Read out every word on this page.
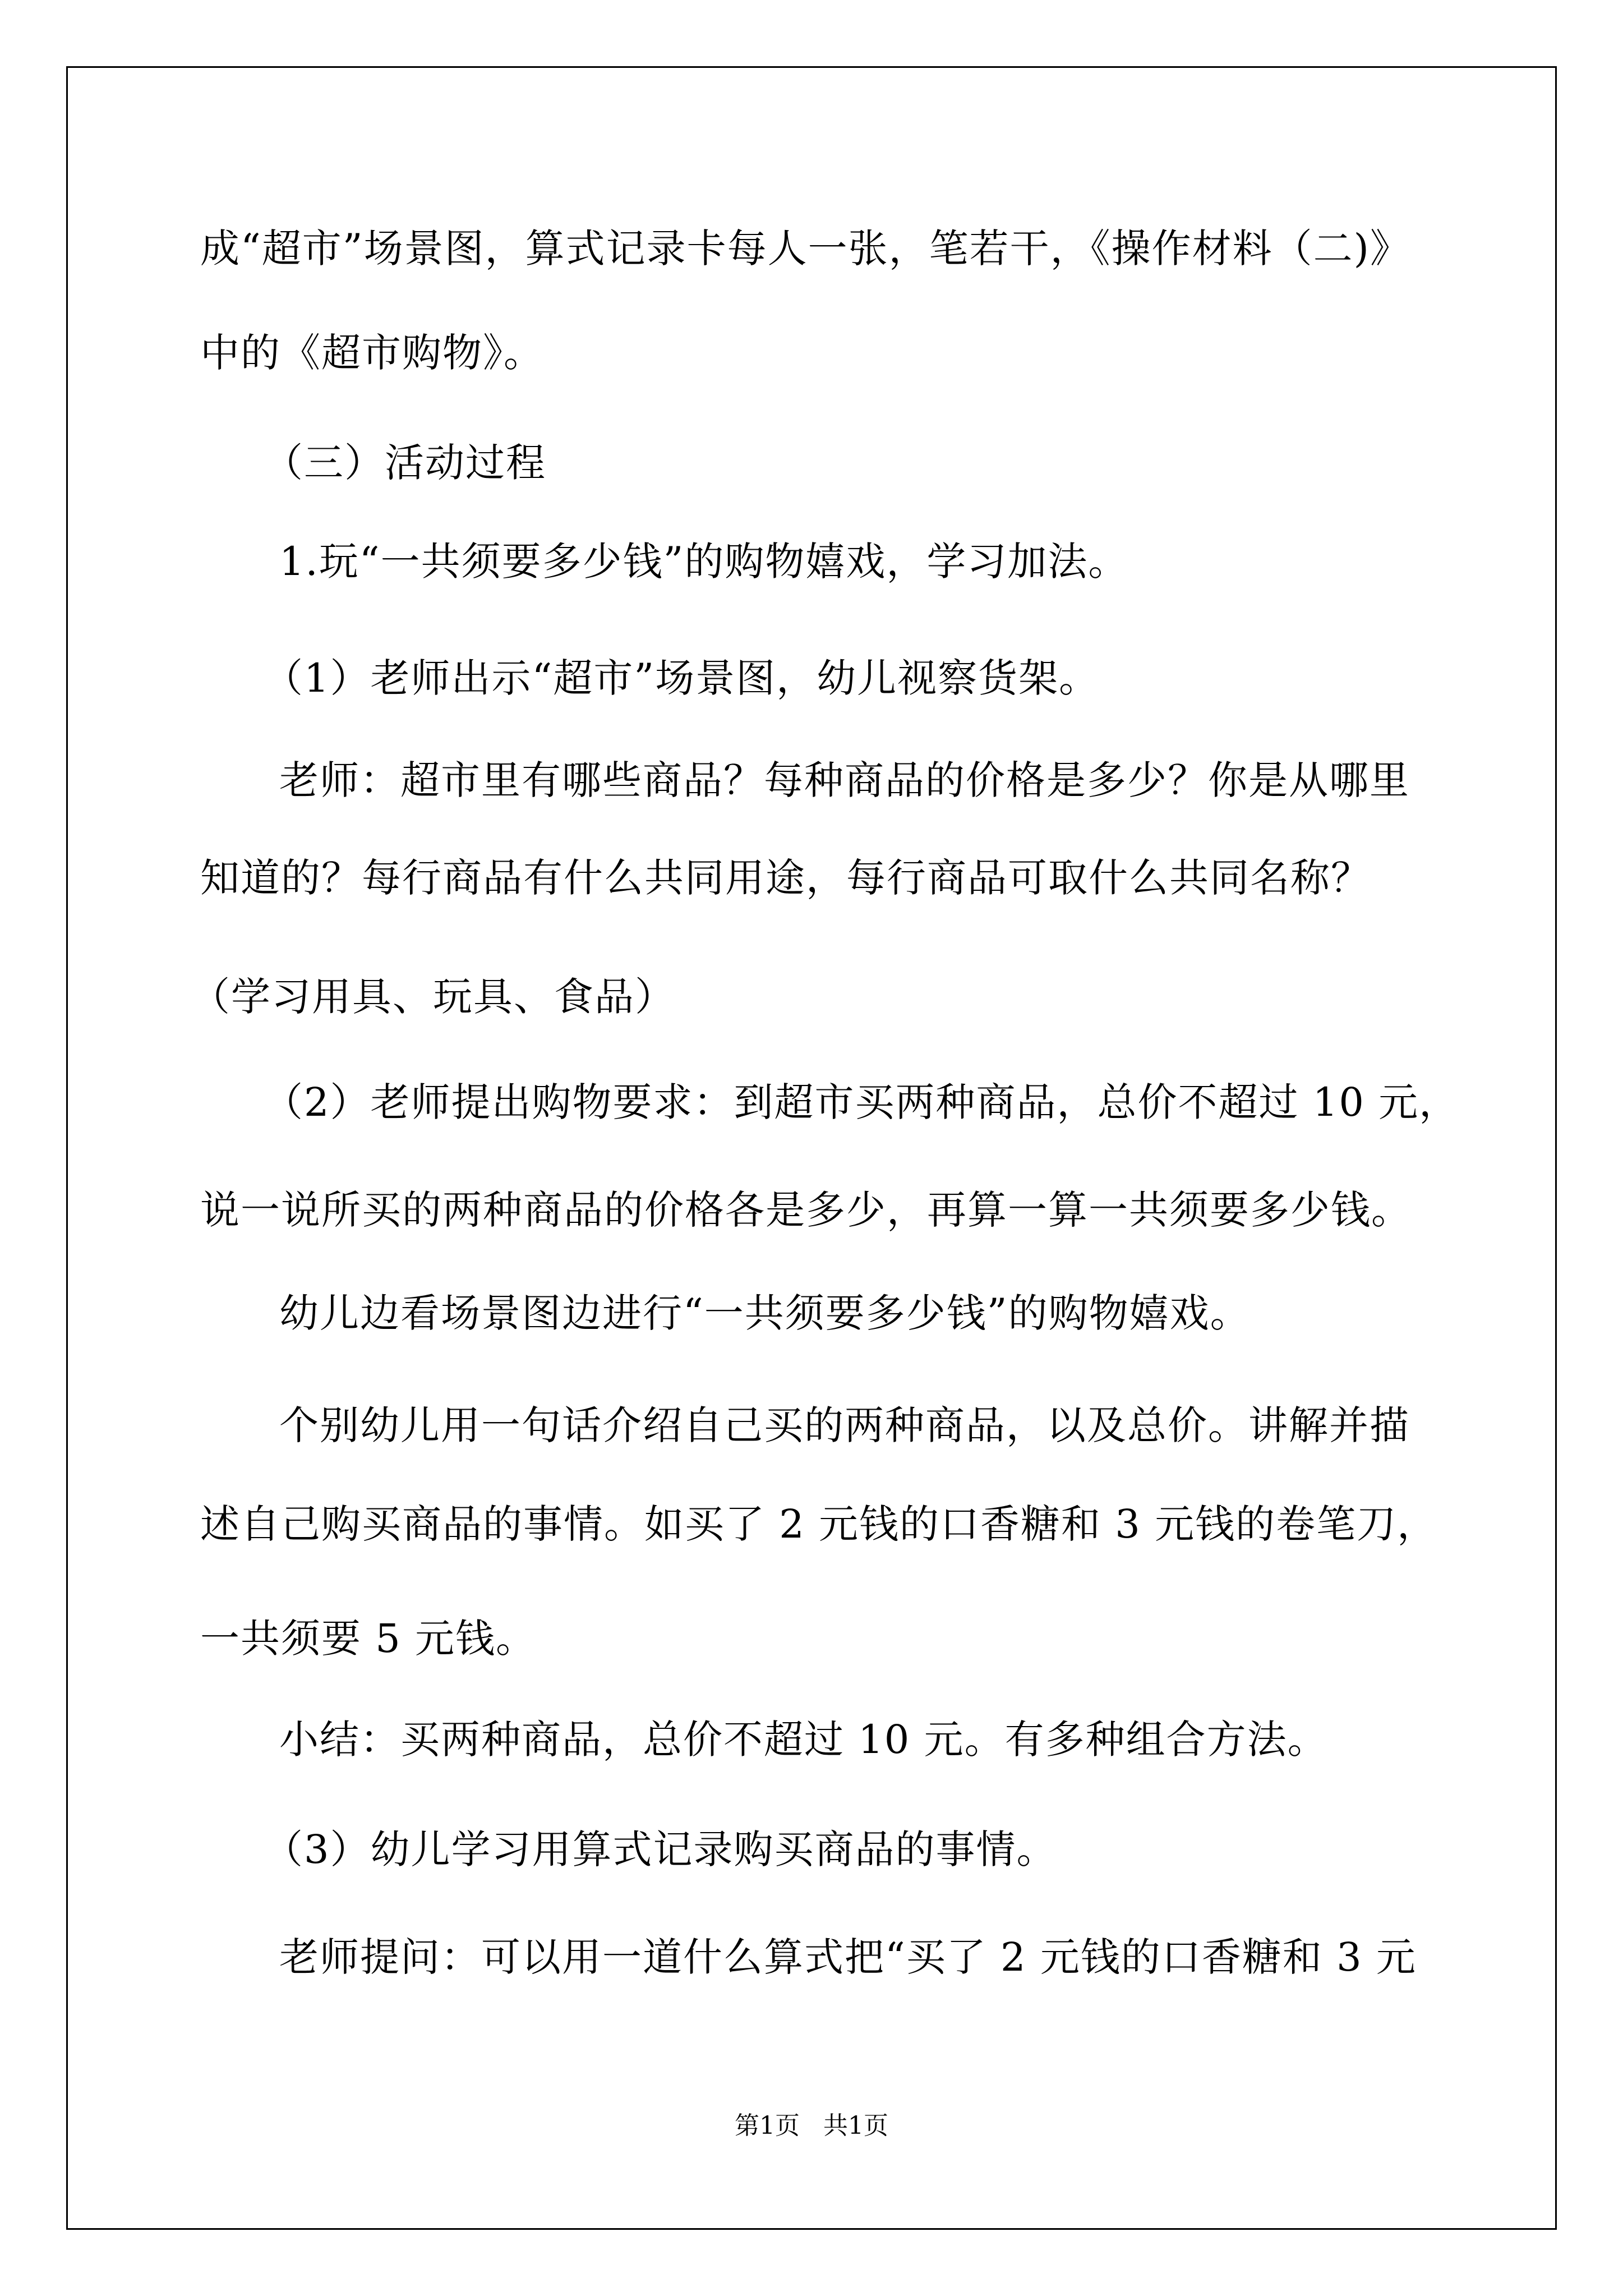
成“超市”场景图，算式记录卡每人一张，笔若干，《操作材料（二)》
中的《超市购物》。
（三）活动过程
1.玩“一共须要多少钱”的购物嬉戏，学习加法。
（1）老师出示“超市”场景图，幼儿视察货架。
老师：超市里有哪些商品？每种商品的价格是多少？你是从哪里
知道的？每行商品有什么共同用途，每行商品可取什么共同名称？
（学习用具、玩具、食品）
（2）老师提出购物要求：到超市买两种商品，总价不超过 10 元，
说一说所买的两种商品的价格各是多少，再算一算一共须要多少钱。
幼儿边看场景图边进行“一共须要多少钱”的购物嬉戏。
个别幼儿用一句话介绍自己买的两种商品，以及总价。讲解并描
述自己购买商品的事情。如买了 2 元钱的口香糖和 3 元钱的卷笔刀，
一共须要 5 元钱。
小结：买两种商品，总价不超过 10 元。有多种组合方法。
（3）幼儿学习用算式记录购买商品的事情。
老师提问：可以用一道什么算式把“买了 2 元钱的口香糖和 3 元
第1页   共1页
